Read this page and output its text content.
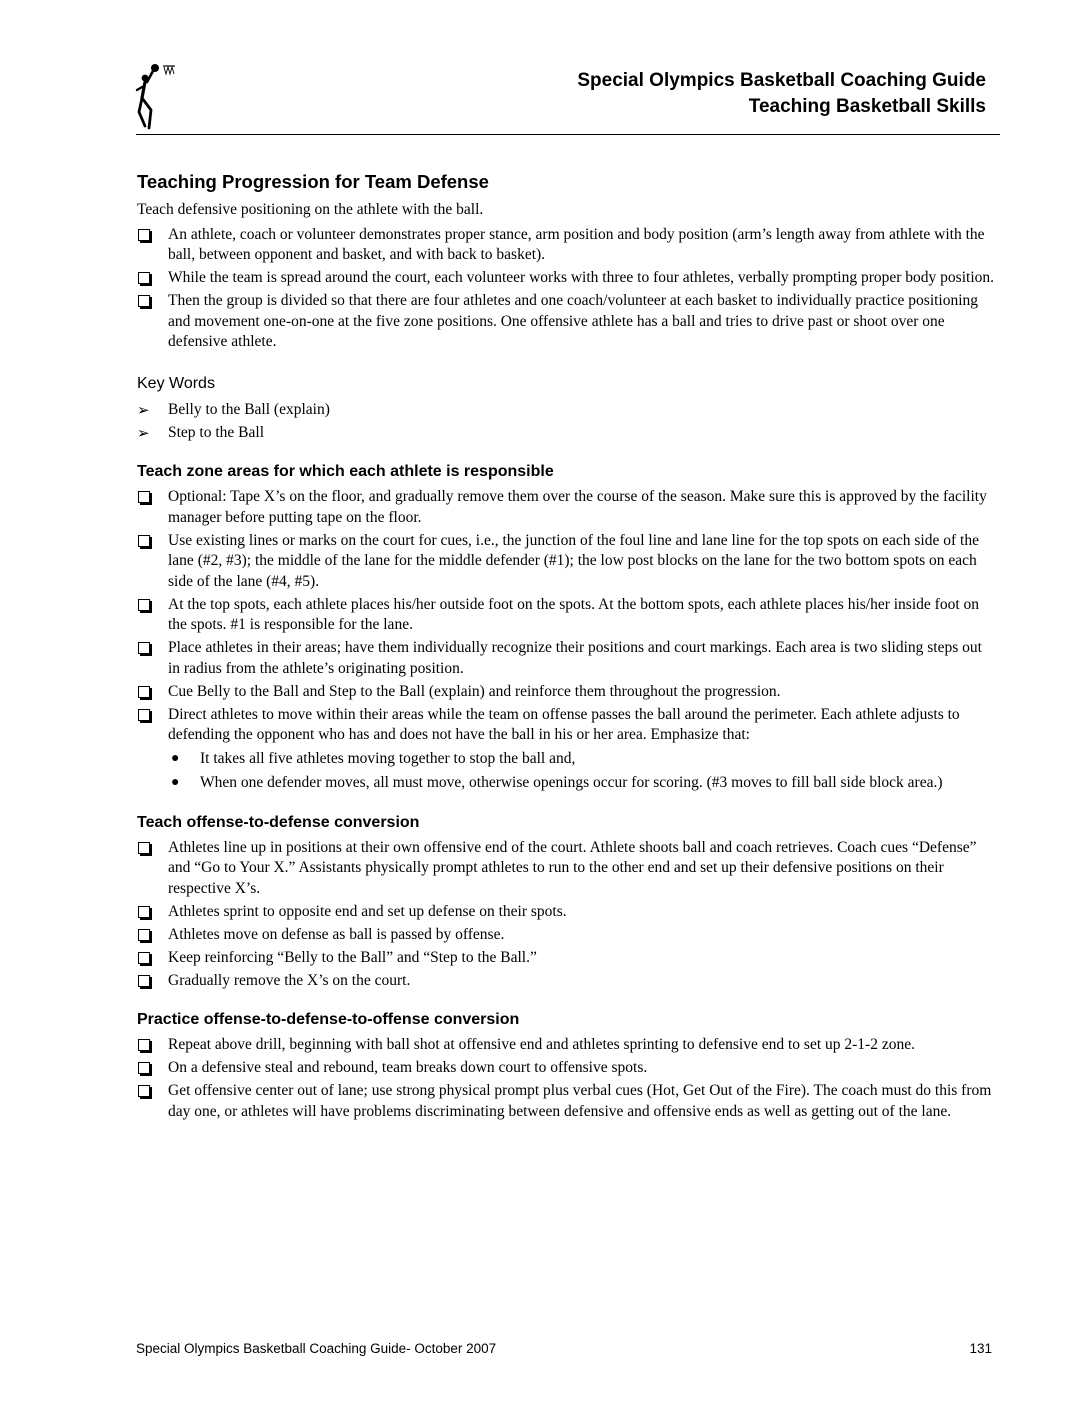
Special Olympics Basketball Coaching Guide
Teaching Basketball Skills
Teaching Progression for Team Defense

Teach defensive positioning on the athlete with the ball.

An athlete, coach or volunteer demonstrates proper stance, arm position and body position (arm’s length away from athlete with the ball, between opponent and basket, and with back to basket).
While the team is spread around the court, each volunteer works with three to four athletes, verbally prompting proper body position.
Then the group is divided so that there are four athletes and one coach/volunteer at each basket to individually practice positioning and movement one-on-one at the five zone positions. One offensive athlete has a ball and tries to drive past or shoot over one defensive athlete.
Key Words
➢ Belly to the Ball (explain)
➢ Step to the Ball
Teach zone areas for which each athlete is responsible
Optional: Tape X’s on the floor, and gradually remove them over the course of the season. Make sure this is approved by the facility manager before putting tape on the floor.
Use existing lines or marks on the court for cues, i.e., the junction of the foul line and lane line for the top spots on each side of the lane (#2, #3); the middle of the lane for the middle defender (#1); the low post blocks on the lane for the two bottom spots on each side of the lane (#4, #5).
At the top spots, each athlete places his/her outside foot on the spots. At the bottom spots, each athlete places his/her inside foot on the spots. #1 is responsible for the lane.
Place athletes in their areas; have them individually recognize their positions and court markings. Each area is two sliding steps out in radius from the athlete’s originating position.
Cue Belly to the Ball and Step to the Ball (explain) and reinforce them throughout the progression.
Direct athletes to move within their areas while the team on offense passes the ball around the perimeter. Each athlete adjusts to defending the opponent who has and does not have the ball in his or her area. Emphasize that:
● It takes all five athletes moving together to stop the ball and,
● When one defender moves, all must move, otherwise openings occur for scoring. (#3 moves to fill ball side block area.)
Teach offense-to-defense conversion
Athletes line up in positions at their own offensive end of the court. Athlete shoots ball and coach retrieves. Coach cues “Defense” and “Go to Your X.” Assistants physically prompt athletes to run to the other end and set up their defensive positions on their respective X’s.
Athletes sprint to opposite end and set up defense on their spots.
Athletes move on defense as ball is passed by offense.
Keep reinforcing “Belly to the Ball” and “Step to the Ball.”
Gradually remove the X’s on the court.
Practice offense-to-defense-to-offense conversion
Repeat above drill, beginning with ball shot at offensive end and athletes sprinting to defensive end to set up 2-1-2 zone.
On a defensive steal and rebound, team breaks down court to offensive spots.
Get offensive center out of lane; use strong physical prompt plus verbal cues (Hot, Get Out of the Fire). The coach must do this from day one, or athletes will have problems discriminating between defensive and offensive ends as well as getting out of the lane.
Special Olympics Basketball Coaching Guide- October 2007	131
